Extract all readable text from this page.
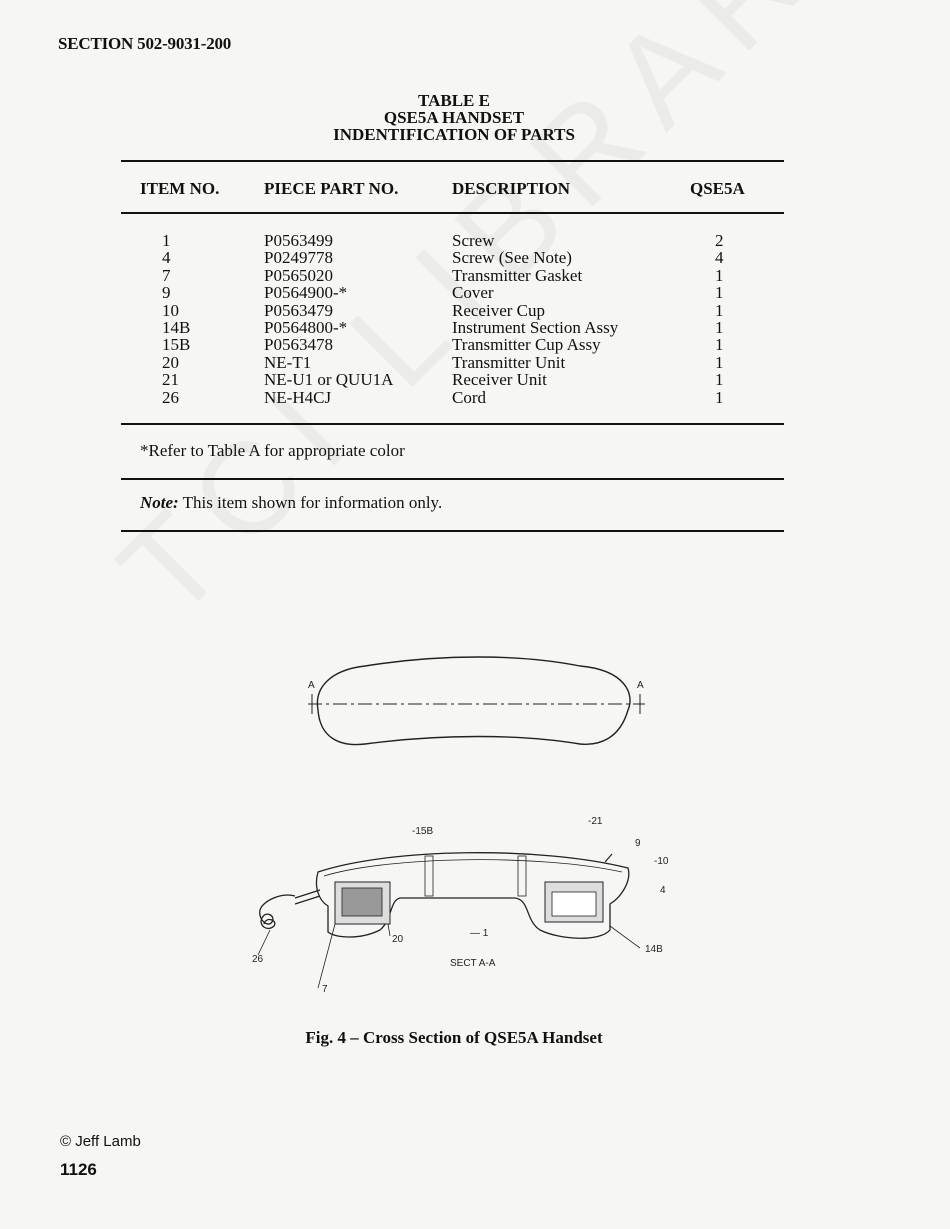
SECTION 502-9031-200
TABLE E
QSE5A HANDSET
INDENTIFICATION OF PARTS
ITEM NO.	PIECE PART NO.	DESCRIPTION	QSE5A
1	P0563499	Screw	2
4	P0249778	Screw (See Note)	4
7	P0565020	Transmitter Gasket	1
9	P0564900-*	Cover	1
10	P0563479	Receiver Cup	1
14B	P0564800-*	Instrument Section Assy	1
15B	P0563478	Transmitter Cup Assy	1
20	NE-T1	Transmitter Unit	1
21	NE-U1 or QUU1A	Receiver Unit	1
26	NE-H4CJ	Cord	1
*Refer to Table A for appropriate color
Note: This item shown for information only.
A	A
-15B
-21
9
-10
4
14B
— 1
20
26
7
SECT A-A
Fig. 4 – Cross Section of QSE5A Handset
© Jeff Lamb
1126
